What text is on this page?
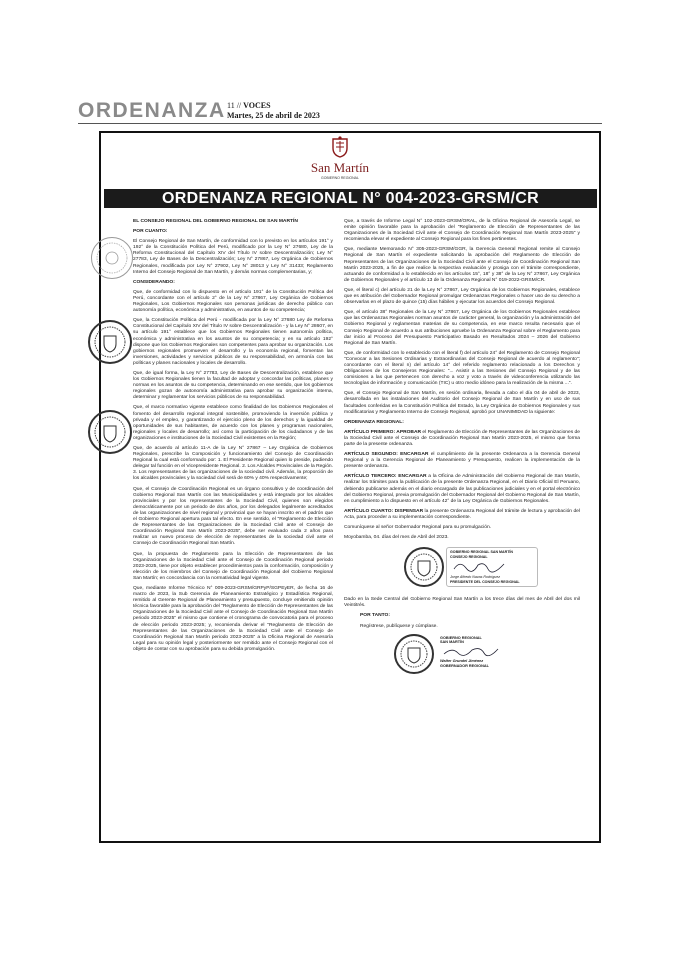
ORDENANZA 11 // VOCES
Martes, 25 de abril de 2023
San Martín
GOBIERNO REGIONAL
ORDENANZA REGIONAL N° 004-2023-GRSM/CR

EL CONSEJO REGIONAL DEL GOBIERNO REGIONAL DE SAN MARTÍN

POR CUANTO:

El Consejo Regional de San Martín, de conformidad con lo previsto en los artículos 191° y 192° de la Constitución Política del Perú, modificado por la Ley N° 27680, Ley de la Reforma Constitucional del Capítulo XIV del Título IV sobre Descentralización; Ley N° 27783, Ley de Bases de la Descentralización; Ley N° 27867, Ley Orgánica de Gobiernos Regionales, modificada por Ley N° 27902, Ley N° 28013 y Ley N° 31433; Reglamento Interno del Consejo Regional de San Martín, y demás normas complementarias, y;

CONSIDERANDO:

Que, de conformidad con lo dispuesto en el artículo 191° de la Constitución Política del Perú, concordante con el artículo 2° de la Ley N° 27867, Ley Orgánica de Gobiernos Regionales, Los Gobiernos Regionales son personas jurídicas de derecho público con autonomía política, económica y administrativa, en asuntos de su competencia;

Que, la Constitución Política del Perú - modificada por la Ley N° 27680 Ley de Reforma Constitucional del Capítulo XIV del Título IV sobre Descentralización - y la Ley N° 28607, en su artículo 191° establece que los Gobiernos Regionales tienen autonomía política, económica y administrativa en los asuntos de su competencia; y en su artículo 192° dispone que los Gobiernos Regionales son competentes para aprobar su organización. Los gobiernos regionales promueven el desarrollo y la economía regional, fomentan las inversiones, actividades y servicios públicos de su responsabilidad, en armonía con las políticas y planes nacionales y locales de desarrollo.

Que, de igual forma, la Ley N° 27783, Ley de Bases de Descentralización, establece que los Gobiernos Regionales tienen la facultad de adoptar y concordar las políticas, planes y normas en los asuntos de su competencia, determinando en ese sentido, que los gobiernos regionales gozan de autonomía administrativa para aprobar su organización interna, determinar y reglamentar los servicios públicos de su responsabilidad.

Que, el marco normativo vigente establece como finalidad de los Gobiernos Regionales el fomento del desarrollo regional integral sostenible, promoviendo la inversión pública y privada y el empleo, y garantizando el ejercicio pleno de los derechos y la igualdad de oportunidades de sus habitantes, de acuerdo con los planes y programas nacionales, regionales y locales de desarrollo; así como la participación de los ciudadanos y de las organizaciones e instituciones de la Sociedad Civil existentes en la Región;

Que, de acuerdo al artículo 11-A de la Ley N° 27867 – Ley Orgánica de Gobiernos Regionales, prescribe la Composición y funcionamiento del Consejo de Coordinación Regional la cual está conformado por: 1. El Presidente Regional quien lo preside, pudiendo delegar tal función en el Vicepresidente Regional. 2. Los Alcaldes Provinciales de la Región. 3. Los representantes de las organizaciones de la sociedad civil. Además, la proporción de los alcaldes provinciales y la sociedad civil será de 60% y 40% respectivamente;

Que, el Consejo de Coordinación Regional es un órgano consultivo y de coordinación del Gobierno Regional San Martín con las Municipalidades y está integrado por los alcaldes provinciales y por los representantes de la Sociedad Civil, quienes son elegidos democráticamente por un periodo de dos años, por los delegados legalmente acreditados de las organizaciones de nivel regional y provincial que se hayan inscrito en el padrón que el Gobierno Regional apertura para tal efecto. En ese sentido, el "Reglamento de Elección de Representantes de las Organizaciones de la Sociedad Civil ante el Consejo de Coordinación Regional San Martín 2023-2025", debe ser evaluado cada 2 años para realizar un nuevo proceso de elección de representantes de la sociedad civil ante el Consejo de Coordinación Regional San Martín.

Que, la propuesta de Reglamento para la Elección de Representantes de las Organizaciones de la Sociedad Civil ante el Consejo de Coordinación Regional periodo 2023-2025, tiene por objeto establecer procedimientos para la conformación, composición y elección de los miembros del Consejo de Coordinación Regional del Gobierno Regional San Martín; en concordancia con la normatividad legal vigente.

Que, mediante Informe Técnico N° 009-2023-GRSM/GRPyP/SGPEyER, de fecha 16 de marzo de 2023, la Sub Gerencia de Planeamiento Estratégico y Estadística Regional, remitido al Gerente Regional de Planeamiento y presupuesto, concluye emitiendo opinión técnica favorable para la aprobación del "Reglamento de Elección de Representantes de las Organizaciones de la Sociedad Civil ante el Consejo de Coordinación Regional San Martín periodo 2023-2025" el mismo que contiene el cronograma de convocatoria para el proceso de elección periodo 2023-2025; y, recomienda derivar el "Reglamento de Elección de Representantes de las Organizaciones de la Sociedad Civil ante el Consejo de Coordinación Regional San Martín periodo 2023-2025" a la Oficina Regional de Asesoría Legal para su opinión legal y posteriormente ser remitido ante el Consejo Regional con el objeto de contar con su aprobación para su debida promulgación.

Que, a través de Informe Legal N° 102-2023-GRSM/ORAL, de la Oficina Regional de Asesoría Legal, se emite opinión favorable para la aprobación del "Reglamento de Elección de Representantes de las Organizaciones de la Sociedad Civil ante el Consejo de Coordinación Regional San Martín 2023-2025" y recomienda elevar el expediente al Consejo Regional para los fines pertinentes.

Que, mediante Memorando N° 305-2023-GRSM/GGR, la Gerencia General Regional remite al Consejo Regional de San Martín el expediente solicitando la aprobación del Reglamento de Elección de Representantes de las Organizaciones de la Sociedad Civil ante el Consejo de Coordinación Regional San Martín 2023-2025, a fin de que realice la respectiva evaluación y prosiga con el trámite correspondiente, actuando de conformidad a lo establecido en los artículos 15°, 18° y 38° de la Ley N° 27867, Ley Orgánica de Gobiernos Regionales y el artículo 13 de la Ordenanza Regional N° 019-2022-GRSM/CR.

Que, el literal c) del artículo 21 de la Ley N° 27867, Ley Orgánica de los Gobiernos Regionales, establece que es atribución del Gobernador Regional promulgar Ordenanzas Regionales o hacer uso de su derecho a observarlas en el plazo de quince (15) días hábiles y ejecutar los acuerdos del Consejo Regional.

Que, el artículo 38° Regionales de la Ley N° 27867, Ley Orgánica de los Gobiernos Regionales establece que las Ordenanzas Regionales norman asuntos de carácter general, la organización y la administración del Gobierno Regional y reglamentan materias de su competencia, en ese marco resulta necesario que el Consejo Regional de acuerdo a sus atribuciones apruebe la Ordenanza Regional sobre el Reglamento para dar inicio al Proceso del Presupuesto Participativo Basado en Resultados 2024 – 2026 del Gobierno Regional de San Martín.

Que, de conformidad con lo establecido con el literal f) del artículo 24° del Reglamento de Consejo Regional "Convocar a las Sesiones Ordinarias y Extraordinarias del Consejo Regional de acuerdo al reglamento"; concordante con el literal n) del artículo 14° del referido reglamento relacionado a los Derechos y Obligaciones de los Consejeros Regionales: "... Asistir a las Sesiones del Consejo Regional y de las comisiones a las que pertenecen con derecho a voz y voto a través de videoconferencia utilizando las tecnologías de información y comunicación (TIC) u otro medio idóneo para la realización de la misma ...".

Que, el Consejo Regional de San Martín, en sesión ordinaria, llevada a cabo el día 04 de abril de 2023, desarrollada en las instalaciones del Auditorio del Consejo Regional de San Martín y en uso de sus facultades conferidas en la Constitución Política del Estado, la Ley Orgánica de Gobiernos Regionales y sus modificatorias y Reglamento Interno de Consejo Regional, aprobó por UNANIMIDAD la siguiente:

ORDENANZA REGIONAL:

ARTÍCULO PRIMERO: APROBAR el Reglamento de Elección de Representantes de las Organizaciones de la Sociedad Civil ante el Consejo de Coordinación Regional San Martín 2023-2025, el mismo que forma parte de la presente ordenanza.

ARTÍCULO SEGUNDO: ENCARGAR el cumplimiento de la presente Ordenanza a la Gerencia General Regional y a la Gerencia Regional de Planeamiento y Presupuesto, realicen la implementación de la presente ordenanza.

ARTÍCULO TERCERO: ENCARGAR a la Oficina de Administración del Gobierno Regional de San Martín, realizar los trámites para la publicación de la presente Ordenanza Regional, en el Diario Oficial El Peruano, debiendo publicarse además en el diario encargado de las publicaciones judiciales y en el portal electrónico del Gobierno Regional, previa promulgación del Gobernador Regional del Gobierno Regional de San Martín, en cumplimiento a lo dispuesto en el artículo 42° de la Ley Orgánica de Gobiernos Regionales.

ARTÍCULO CUARTO: DISPENSAR la presente Ordenanza Regional del trámite de lectura y aprobación del Acta, para proceder a su implementación correspondiente.

Comuníquese al señor Gobernador Regional para su promulgación.

Moyobamba, 04. días del mes de Abril del 2023.

GOBIERNO REGIONAL SAN MARTÍN
CONSEJO REGIONAL
Jorge Alfredo Navas Rodríguez
PRESIDENTE DEL CONSEJO REGIONAL

Dado en la Sede Central del Gobierno Regional San Martín a los trece días del mes de Abril del dos mil Veintitrés.

POR TANTO:

Regístrese, publíquese y cúmplase.

GOBIERNO REGIONAL
SAN MARTÍN
Walter Grundel Jiménez
GOBERNADOR REGIONAL
